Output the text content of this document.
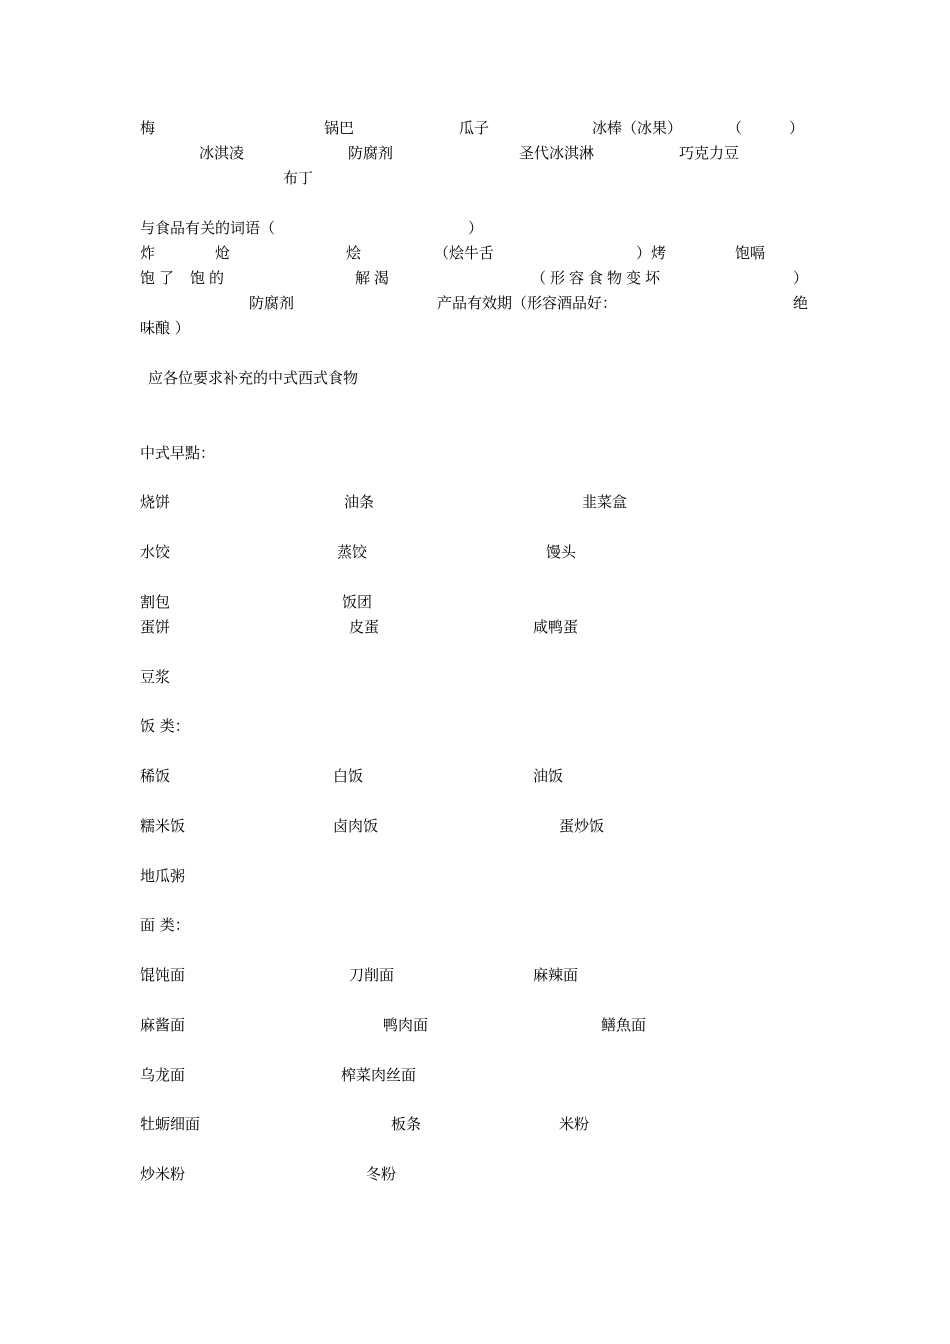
梅	锅巴	瓜子	冰棒（冰果）	（	）
冰淇凌	防腐剂	圣代冰淇淋	巧克力豆
布丁
与食品有关的词语（	）
炸	炝	烩	（烩牛舌	）烤	饱嗝
饱了 饱的	解渴	（形容食物变坏	）
防腐剂	产品有效期（形容酒品好：	绝
味酿 ）
应各位要求补充的中式西式食物
中式早點：
烧饼	油条	韭菜盒
水饺	蒸饺	馒头
割包	饭团
蛋饼	皮蛋	咸鸭蛋
豆浆
饭 类：
稀饭	白饭	油饭
糯米饭	卤肉饭	蛋炒饭
地瓜粥
面 类：
馄饨面	刀削面	麻辣面
麻酱面	鸭肉面	鳝魚面
乌龙面	榨菜肉丝面
牡蛎细面	板条	米粉
炒米粉	冬粉
